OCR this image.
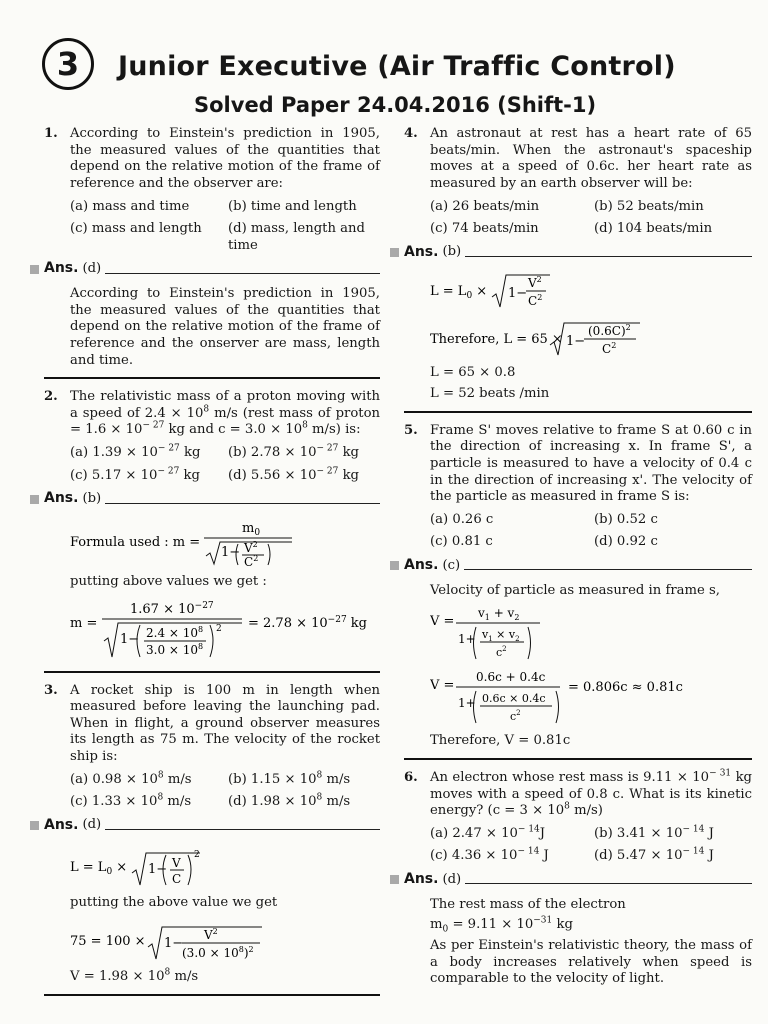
3	Junior Executive (Air Traffic Control)
Solved Paper 24.04.2016 (Shift-1)
1. According to Einstein's prediction in 1905, the measured values of the quantities that depend on the relative motion of the frame of reference and the observer are:
(a) mass and time	(b) time and length
(c) mass and length	(d) mass, length and time
Ans. (d)
According to Einstein's prediction in 1905, the measured values of the quantities that depend on the relative motion of the frame of reference and the onserver are mass, length and time.
2. The relativistic mass of a proton moving with a speed of $2.4 \times 10^8$ m/s (rest mass of proton = $1.6 \times 10^{- 27}$ kg and $c = 3.0 \times 10^8$ m/s) is:
(a) $1.39 \times 10^{- 27}$ kg	(b) $2.78 \times 10^{- 27}$ kg
(c) $5.17 \times 10^{- 27}$ kg	(d) $5.56 \times 10^{- 27}$ kg
Ans. (b)
Formula used : m =
$m_0$
$1- V^2$
$C^2$
putting above values we get :
m =
$1.67 \times 10^{-27}$
$1- 2.4 \times 10^8$
$3.0 \times 10^8$
$2 = 2.78 \times 10^{-27}$ kg
3. A rocket ship is 100 m in length when measured before leaving the launching pad. When in flight, a ground observer measures its length as 75 m. The velocity of the rocket ship is:
(a) $0.98 \times 10^8$ m/s	(b) $1.15 \times 10^8$ m/s
(c) $1.33 \times 10^8$ m/s	(d) $1.98 \times 10^8$ m/s
Ans. (d)
$L = L_0 \times 1- V$
C
2
putting the above value we get
75 = 100 × 1−
$V^2$
$(3.0 \times 10^8)^2$
$V = 1.98 \times 10^8$ m/s
4. An astronaut at rest has a heart rate of 65 beats/min. When the astronaut's spaceship moves at a speed of 0.6c. her heart rate as measured by an earth observer will be:
(a) 26 beats/min	(b) 52 beats/min
(c) 74 beats/min	(d) 104 beats/min
Ans. (b)
$L = L_0 \times 1-$
$V^2$
$C^2$
Therefore, L = 65 × 1−
$(0.6C)^2$
$C^2$
L = 65 × 0.8
L = 52 beats /min
5. Frame S' moves relative to frame S at 0.60 c in the direction of increasing x. In frame S', a particle is measured to have a velocity of 0.4 c in the direction of increasing x'. The velocity of the particle as measured in frame S is:
(a) 0.26 c	(b) 0.52 c
(c) 0.81 c	(d) 0.92 c
Ans. (c)
Velocity of particle as measured in frame s,
V =
$v_1 + v_2$
$1+ v_1 \times v_2$
$c^2$
V =
0.6c + 0.4c
1+ 0.6c × 0.4c
$c^2$
= 0.806c ≈ 0.81c
Therefore, V = 0.81c
6. An electron whose rest mass is $9.11 \times 10^{- 31}$ kg moves with a speed of 0.8 c. What is its kinetic energy? ($c = 3 \times 10^8$ m/s)
(a) $2.47 \times 10^{- 14}J$	(b) $3.41 \times 10^{- 14}$ J
(c) $4.36 \times 10^{- 14}$ J	(d) $5.47 \times 10^{- 14}$ J
Ans. (d)
The rest mass of the electron
$m_0 = 9.11 \times 10^{-31}$ kg
As per Einstein's relativistic theory, the mass of a body increases relatively when speed is comparable to the velocity of light.
